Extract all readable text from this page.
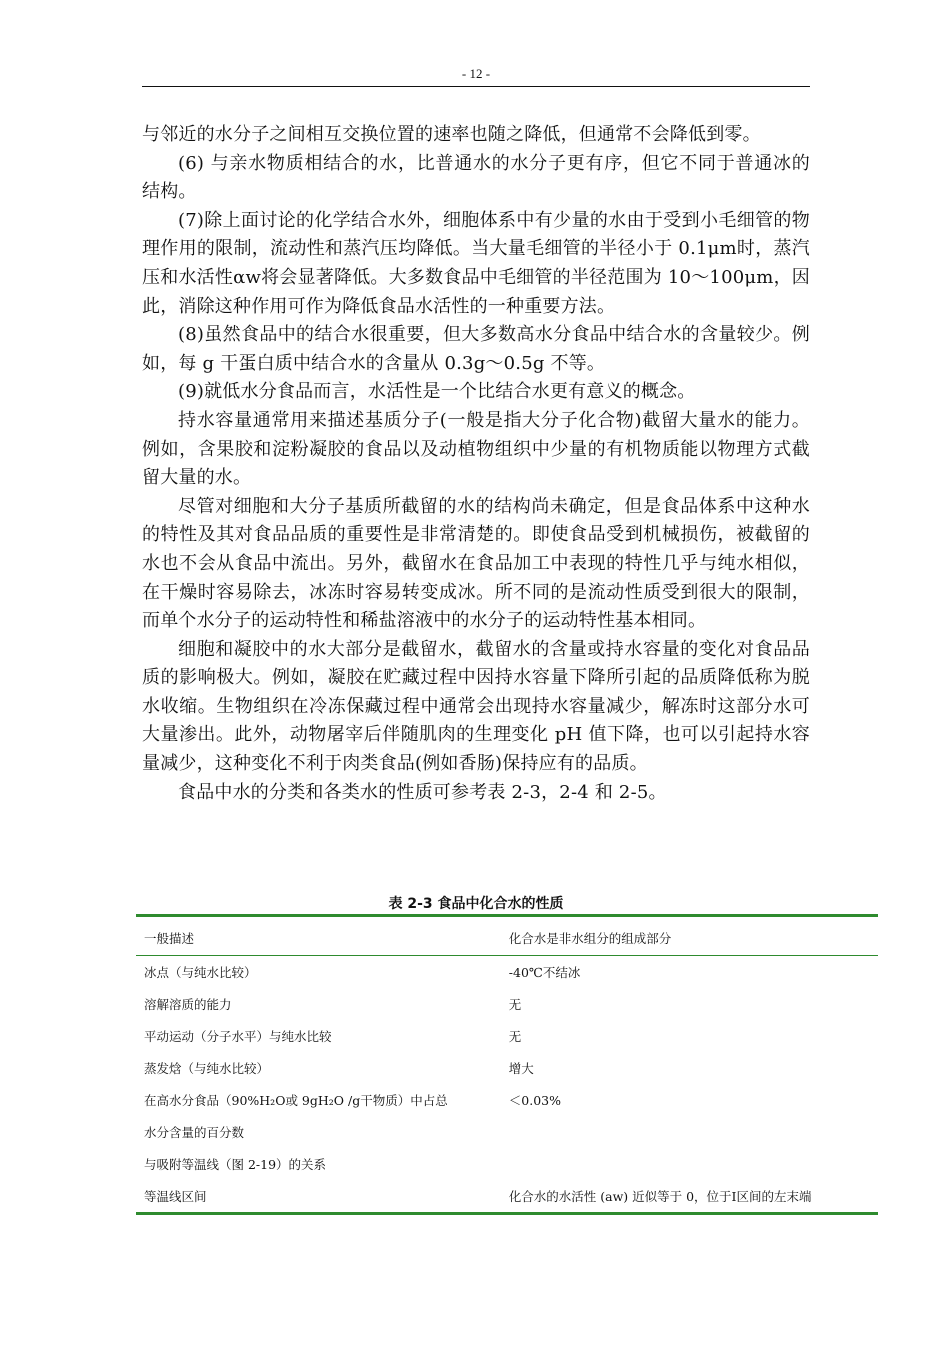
- 12 -

与邻近的水分子之间相互交换位置的速率也随之降低，但通常不会降低到零。

(6) 与亲水物质相结合的水，比普通水的水分子更有序，但它不同于普通冰的结构。

(7)除上面讨论的化学结合水外，细胞体系中有少量的水由于受到小毛细管的物理作用的限制，流动性和蒸汽压均降低。当大量毛细管的半径小于 0.1μm时，蒸汽压和水活性αw将会显著降低。大多数食品中毛细管的半径范围为 10～100μm，因此，消除这种作用可作为降低食品水活性的一种重要方法。

(8)虽然食品中的结合水很重要，但大多数高水分食品中结合水的含量较少。例如，每 g 干蛋白质中结合水的含量从 0.3g～0.5g 不等。

(9)就低水分食品而言，水活性是一个比结合水更有意义的概念。

持水容量通常用来描述基质分子(一般是指大分子化合物)截留大量水的能力。例如，含果胶和淀粉凝胶的食品以及动植物组织中少量的有机物质能以物理方式截留大量的水。

尽管对细胞和大分子基质所截留的水的结构尚未确定，但是食品体系中这种水的特性及其对食品品质的重要性是非常清楚的。即使食品受到机械损伤，被截留的水也不会从食品中流出。另外，截留水在食品加工中表现的特性几乎与纯水相似，在干燥时容易除去，冰冻时容易转变成冰。所不同的是流动性质受到很大的限制，而单个水分子的运动特性和稀盐溶液中的水分子的运动特性基本相同。

细胞和凝胶中的水大部分是截留水，截留水的含量或持水容量的变化对食品品质的影响极大。例如，凝胶在贮藏过程中因持水容量下降所引起的品质降低称为脱水收缩。生物组织在冷冻保藏过程中通常会出现持水容量减少，解冻时这部分水可大量渗出。此外，动物屠宰后伴随肌肉的生理变化 pH 值下降，也可以引起持水容量减少，这种变化不利于肉类食品(例如香肠)保持应有的品质。

食品中水的分类和各类水的性质可参考表 2-3，2-4 和 2-5。

表 2-3 食品中化合水的性质
一般描述	化合水是非水组分的组成部分
冰点（与纯水比较）	-40℃不结冰
溶解溶质的能力	无
平动运动（分子水平）与纯水比较	无
蒸发焓（与纯水比较）	增大
在高水分食品（90%H₂O或 9gH₂O /g干物质）中占总	＜0.03%
水分含量的百分数	
与吸附等温线（图 2-19）的关系	
等温线区间	化合水的水活性 (aw) 近似等于 0，位于I区间的左末端
